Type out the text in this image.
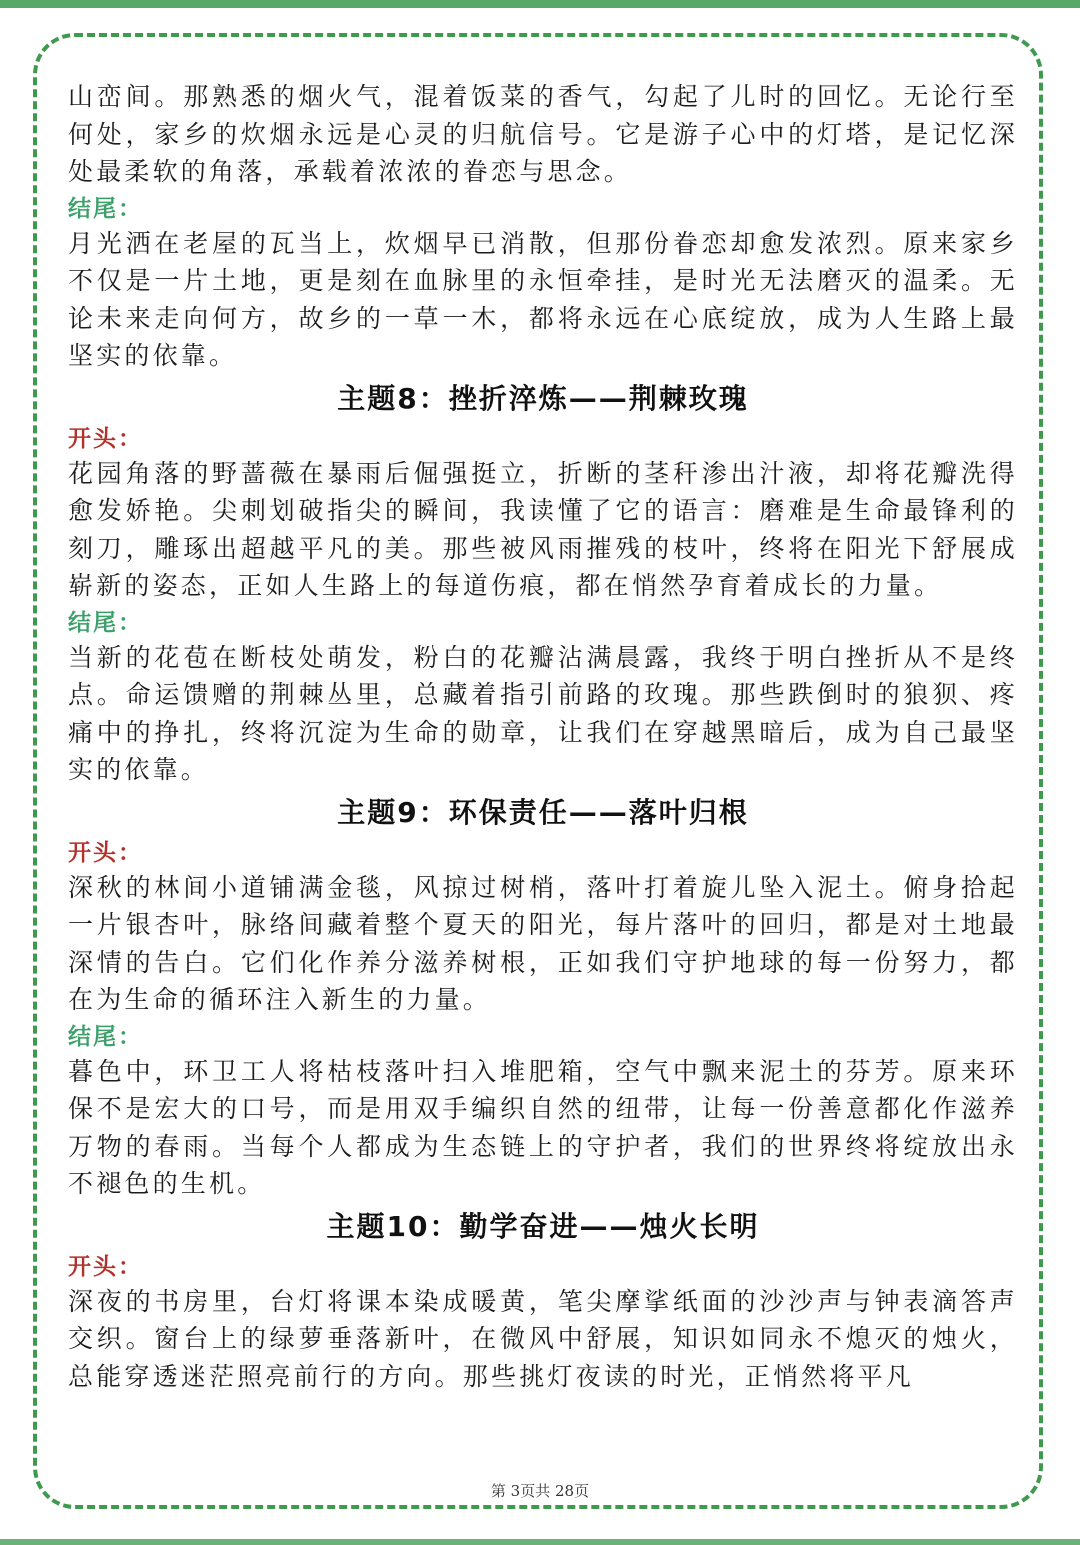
山峦间。那熟悉的烟火气，混着饭菜的香气，勾起了儿时的回忆。无论行至何处，家乡的炊烟永远是心灵的归航信号。它是游子心中的灯塔，是记忆深处最柔软的角落，承载着浓浓的眷恋与思念。

结尾：

月光洒在老屋的瓦当上，炊烟早已消散，但那份眷恋却愈发浓烈。原来家乡不仅是一片土地，更是刻在血脉里的永恒牵挂，是时光无法磨灭的温柔。无论未来走向何方，故乡的一草一木，都将永远在心底绽放，成为人生路上最坚实的依靠。

主题8：挫折淬炼——荆棘玫瑰
开头：

花园角落的野蔷薇在暴雨后倔强挺立，折断的茎秆渗出汁液，却将花瓣洗得愈发娇艳。尖刺划破指尖的瞬间，我读懂了它的语言：磨难是生命最锋利的刻刀，雕琢出超越平凡的美。那些被风雨摧残的枝叶，终将在阳光下舒展成崭新的姿态，正如人生路上的每道伤痕，都在悄然孕育着成长的力量。

结尾：

当新的花苞在断枝处萌发，粉白的花瓣沾满晨露，我终于明白挫折从不是终点。命运馈赠的荆棘丛里，总藏着指引前路的玫瑰。那些跌倒时的狼狈、疼痛中的挣扎，终将沉淀为生命的勋章，让我们在穿越黑暗后，成为自己最坚实的依靠。

主题9：环保责任——落叶归根
开头：

深秋的林间小道铺满金毯，风掠过树梢，落叶打着旋儿坠入泥土。俯身拾起一片银杏叶，脉络间藏着整个夏天的阳光，每片落叶的回归，都是对土地最深情的告白。它们化作养分滋养树根，正如我们守护地球的每一份努力，都在为生命的循环注入新生的力量。

结尾：

暮色中，环卫工人将枯枝落叶扫入堆肥箱，空气中飘来泥土的芬芳。原来环保不是宏大的口号，而是用双手编织自然的纽带，让每一份善意都化作滋养万物的春雨。当每个人都成为生态链上的守护者，我们的世界终将绽放出永不褪色的生机。

主题10：勤学奋进——烛火长明
开头：

深夜的书房里，台灯将课本染成暖黄，笔尖摩挲纸面的沙沙声与钟表滴答声交织。窗台上的绿萝垂落新叶，在微风中舒展，知识如同永不熄灭的烛火，总能穿透迷茫照亮前行的方向。那些挑灯夜读的时光，正悄然将平凡

第 3页共 28页
